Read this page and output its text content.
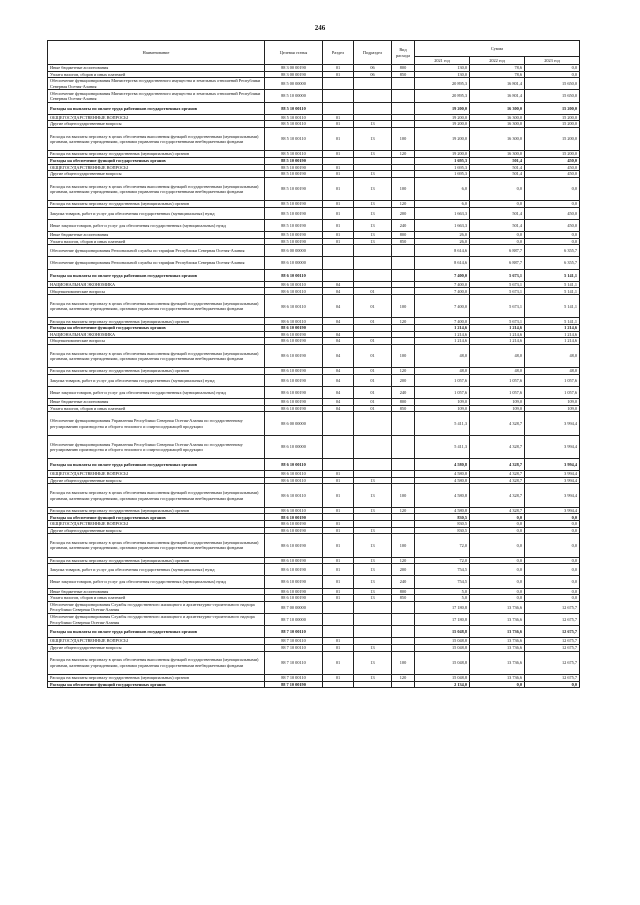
246
Наименование	Целевая статья	Раздел	Подраздел	Вид расхода	Сумма		
					2021 год	2022 год	2023 год
Иные бюджетные ассигнования	88 3 00 00190	01	06	800	130,0	78,6	0,0
Уплата налогов, сборов и иных платежей	88 3 00 00190	01	06	850	130,0	78,6	0,0
Обеспечение функционирования Министерства государственного имущества и земельных отношений Республики Северная Осетия-Алания	88 5 00 00000				20 895,3	16 801,4	15 650,0
Обеспечение функционирования Министерства государственного имущества и земельных отношений Республики Северная Осетия-Алания	88 5 10 00000				20 895,3	16 801,4	15 650,0
Расходы на выплаты по оплате труда работников государственных органов	88 5 10 00110				19 200,0	16 300,0	15 200,0
ОБЩЕГОСУДАРСТВЕННЫЕ ВОПРОСЫ	88 5 10 00110	01			19 200,0	16 300,0	15 200,0
Другие общегосударственные вопросы	88 5 10 00110	01	13		19 200,0	16 300,0	15 200,0
Расходы на выплаты персоналу в целях обеспечения выполнения функций государственными (муниципальными) органами, казенными учреждениями, органами управления государственными внебюджетными фондами	88 5 10 00110	01	13	100	19 200,0	16 300,0	15 200,0
Расходы на выплаты персоналу государственных (муниципальных) органов	88 5 10 00110	01	13	120	19 200,0	16 300,0	15 200,0
Расходы на обеспечение функций государственных органов	88 5 10 00190				1 695,3	501,4	450,0
ОБЩЕГОСУДАРСТВЕННЫЕ ВОПРОСЫ	88 5 10 00190	01			1 695,3	501,4	450,0
Другие общегосударственные вопросы	88 5 10 00190	01	13		1 695,3	501,4	450,0
Расходы на выплаты персоналу в целях обеспечения выполнения функций государственными (муниципальными) органами, казенными учреждениями, органами управления государственными внебюджетными фондами	88 5 10 00190	01	13	100	6,0	0,0	0,0
Расходы на выплаты персоналу государственных (муниципальных) органов	88 5 10 00190	01	13	120	6,0	0,0	0,0
Закупка товаров, работ и услуг для обеспечения государственных (муниципальных) нужд	88 5 10 00190	01	13	200	1 663,3	501,4	450,0
Иные закупки товаров, работ и услуг для обеспечения государственных (муниципальных) нужд	88 5 10 00190	01	13	240	1 663,3	501,4	450,0
Иные бюджетные ассигнования	88 5 10 00190	01	13	800	26,0	0,0	0,0
Уплата налогов, сборов и иных платежей	88 5 10 00190	01	13	850	26,0	0,0	0,0
Обеспечение функционирования Региональной службы по тарифам Республики Северная Осетия-Алания	88 6 00 00000				8 614,6	6 887,7	6 355,7
Обеспечение функционирования Региональной службы по тарифам Республики Северная Осетия-Алания	88 6 10 00000				8 614,6	6 887,7	6 355,7
Расходы на выплаты по оплате труда работников государственных органов	88 6 10 00110				7 400,0	5 673,1	5 141,1
НАЦИОНАЛЬНАЯ ЭКОНОМИКА	88 6 10 00110	04			7 400,0	5 673,1	5 141,1
Общеэкономические вопросы	88 6 10 00110	04	01		7 400,0	5 673,1	5 141,1
Расходы на выплаты персоналу в целях обеспечения выполнения функций государственными (муниципальными) органами, казенными учреждениями, органами управления государственными внебюджетными фондами	88 6 10 00110	04	01	100	7 400,0	5 673,1	5 141,1
Расходы на выплаты персоналу государственных (муниципальных) органов	88 6 10 00110	04	01	120	7 400,0	5 673,1	5 141,1
Расходы на обеспечение функций государственных органов	88 6 10 00190				1 214,6	1 214,6	1 214,6
НАЦИОНАЛЬНАЯ ЭКОНОМИКА	88 6 10 00190	04			1 214,6	1 214,6	1 214,6
Общеэкономические вопросы	88 6 10 00190	04	01		1 214,6	1 214,6	1 214,6
Расходы на выплаты персоналу в целях обеспечения выполнения функций государственными (муниципальными) органами, казенными учреждениями, органами управления государственными внебюджетными фондами	88 6 10 00190	04	01	100	48,0	48,0	48,0
Расходы на выплаты персоналу государственных (муниципальных) органов	88 6 10 00190	04	01	120	48,0	48,0	48,0
Закупка товаров, работ и услуг для обеспечения государственных (муниципальных) нужд	88 6 10 00190	04	01	200	1 057,6	1 057,6	1 057,6
Иные закупки товаров, работ и услуг для обеспечения государственных (муниципальных) нужд	88 6 10 00190	04	01	240	1 057,6	1 057,6	1 057,6
Иные бюджетные ассигнования	88 6 10 00190	04	01	800	109,0	109,0	109,0
Уплата налогов, сборов и иных платежей	88 6 10 00190	04	01	850	109,0	109,0	109,0
Обеспечение функционирования Управления Республики Северная Осетия-Алания по государственному регулированию производства и оборота этилового и спиртосодержащей продукции	88 6 00 00000				5 411,3	4 328,7	3 994,4
Обеспечение функционирования Управления Республики Северная Осетия-Алания по государственному регулированию производства и оборота этилового и спиртосодержащей продукции	88 6 10 00000				5 411,3	4 328,7	3 994,4
Расходы на выплаты по оплате труда работников государственных органов	88 6 10 00110				4 580,8	4 328,7	3 994,4
ОБЩЕГОСУДАРСТВЕННЫЕ ВОПРОСЫ	88 6 10 00110	01			4 580,8	4 328,7	3 994,4
Другие общегосударственные вопросы	88 6 10 00110	01	13		4 580,8	4 328,7	3 994,4
Расходы на выплаты персоналу в целях обеспечения выполнения функций государственными (муниципальными) органами, казенными учреждениями, органами управления государственными внебюджетными фондами	88 6 10 00110	01	13	100	4 580,8	4 328,7	3 994,4
Расходы на выплаты персоналу государственных (муниципальных) органов	88 6 10 00110	01	13	120	4 580,8	4 328,7	3 994,4
Расходы на обеспечение функций государственных органов	88 6 10 00190				830,5	0,0	0,0
ОБЩЕГОСУДАРСТВЕННЫЕ ВОПРОСЫ	88 6 10 00190	01			830,5	0,0	0,0
Другие общегосударственные вопросы	88 6 10 00190	01	13		830,5	0,0	0,0
Расходы на выплаты персоналу в целях обеспечения выполнения функций государственными (муниципальными) органами, казенными учреждениями, органами управления государственными внебюджетными фондами	88 6 10 00190	01	13	100	72,0	0,0	0,0
Расходы на выплаты персоналу государственных (муниципальных) органов	88 6 10 00190	01	13	120	72,0	0,0	0,0
Закупка товаров, работ и услуг для обеспечения государственных (муниципальных) нужд	88 6 10 00190	01	13	200	754,5	0,0	0,0
Иные закупки товаров, работ и услуг для обеспечения государственных (муниципальных) нужд	88 6 10 00190	01	13	240	754,5	0,0	0,0
Иные бюджетные ассигнования	88 6 10 00190	01	13	800	5,0	0,0	0,0
Уплата налогов, сборов и иных платежей	88 6 10 00190	01	13	850	5,0	0,0	0,0
Обеспечение функционирования Службы государственного жилищного и архитектурно-строительного надзора Республики Северная Осетия-Алания	88 7 00 00000				17 180,8	13 736,6	12 675,7
Обеспечение функционирования Службы государственного жилищного и архитектурно-строительного надзора Республики Северная Осетия-Алания	88 7 10 00000				17 180,8	13 736,6	12 675,7
Расходы на выплаты по оплате труда работников государственных органов	88 7 10 00110				15 048,8	13 736,6	12 675,7
ОБЩЕГОСУДАРСТВЕННЫЕ ВОПРОСЫ	88 7 10 00110	01			15 048,8	13 736,6	12 675,7
Другие общегосударственные вопросы	88 7 10 00110	01	13		15 048,8	13 736,6	12 675,7
Расходы на выплаты персоналу в целях обеспечения выполнения функций государственными (муниципальными) органами, казенными учреждениями, органами управления государственными внебюджетными фондами	88 7 10 00110	01	13	100	15 048,8	13 736,6	12 675,7
Расходы на выплаты персоналу государственных (муниципальных) органов	88 7 10 00110	01	13	120	15 048,8	13 736,6	12 675,7
Расходы на обеспечение функций государственных органов	88 7 10 00190				2 134,0	0,0	0,0
